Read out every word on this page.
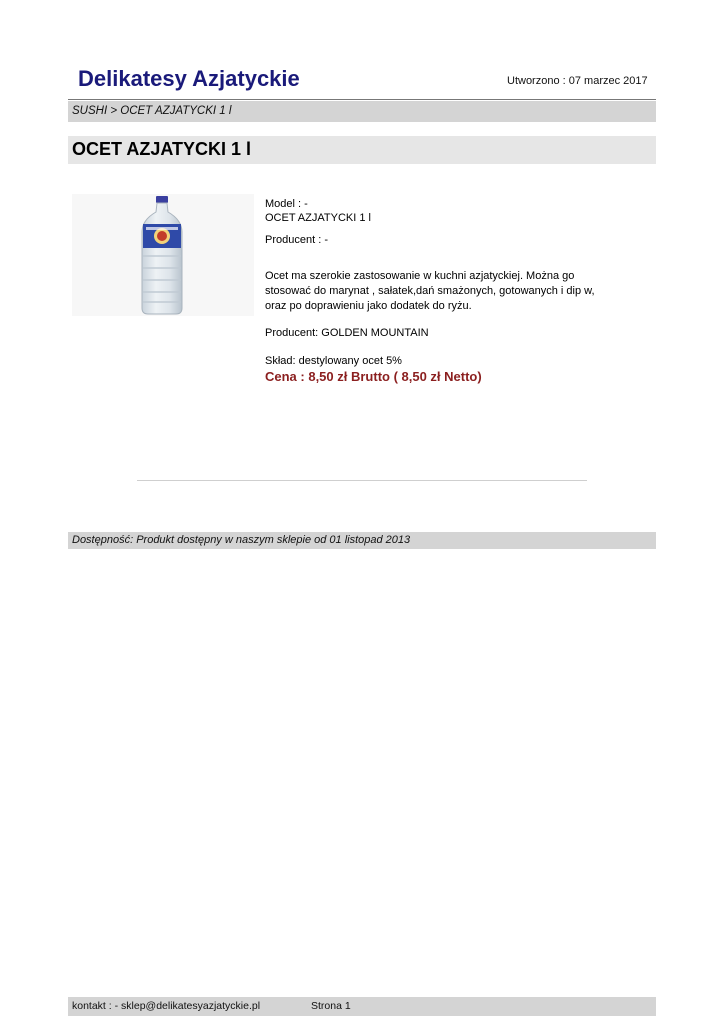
Delikatesy Azjatyckie	Utworzono : 07 marzec 2017
SUSHI > OCET AZJATYCKI 1 l
OCET AZJATYCKI 1 l

Model : -

OCET AZJATYCKI 1 l

Producent : -

Ocet ma szerokie zastosowanie w kuchni azjatyckiej. Można go

stosować do marynat , sałatek,dań smażonych, gotowanych i dip w,

oraz po doprawieniu jako dodatek do ryżu.

Producent: GOLDEN MOUNTAIN

Skład: destylowany ocet 5%

Cena : 8,50 zł Brutto ( 8,50 zł Netto)

Dostępność: Produkt dostępny w naszym sklepie od 01 listopad 2013
kontakt : - sklep@delikatesyazjatyckie.pl	Strona 1
